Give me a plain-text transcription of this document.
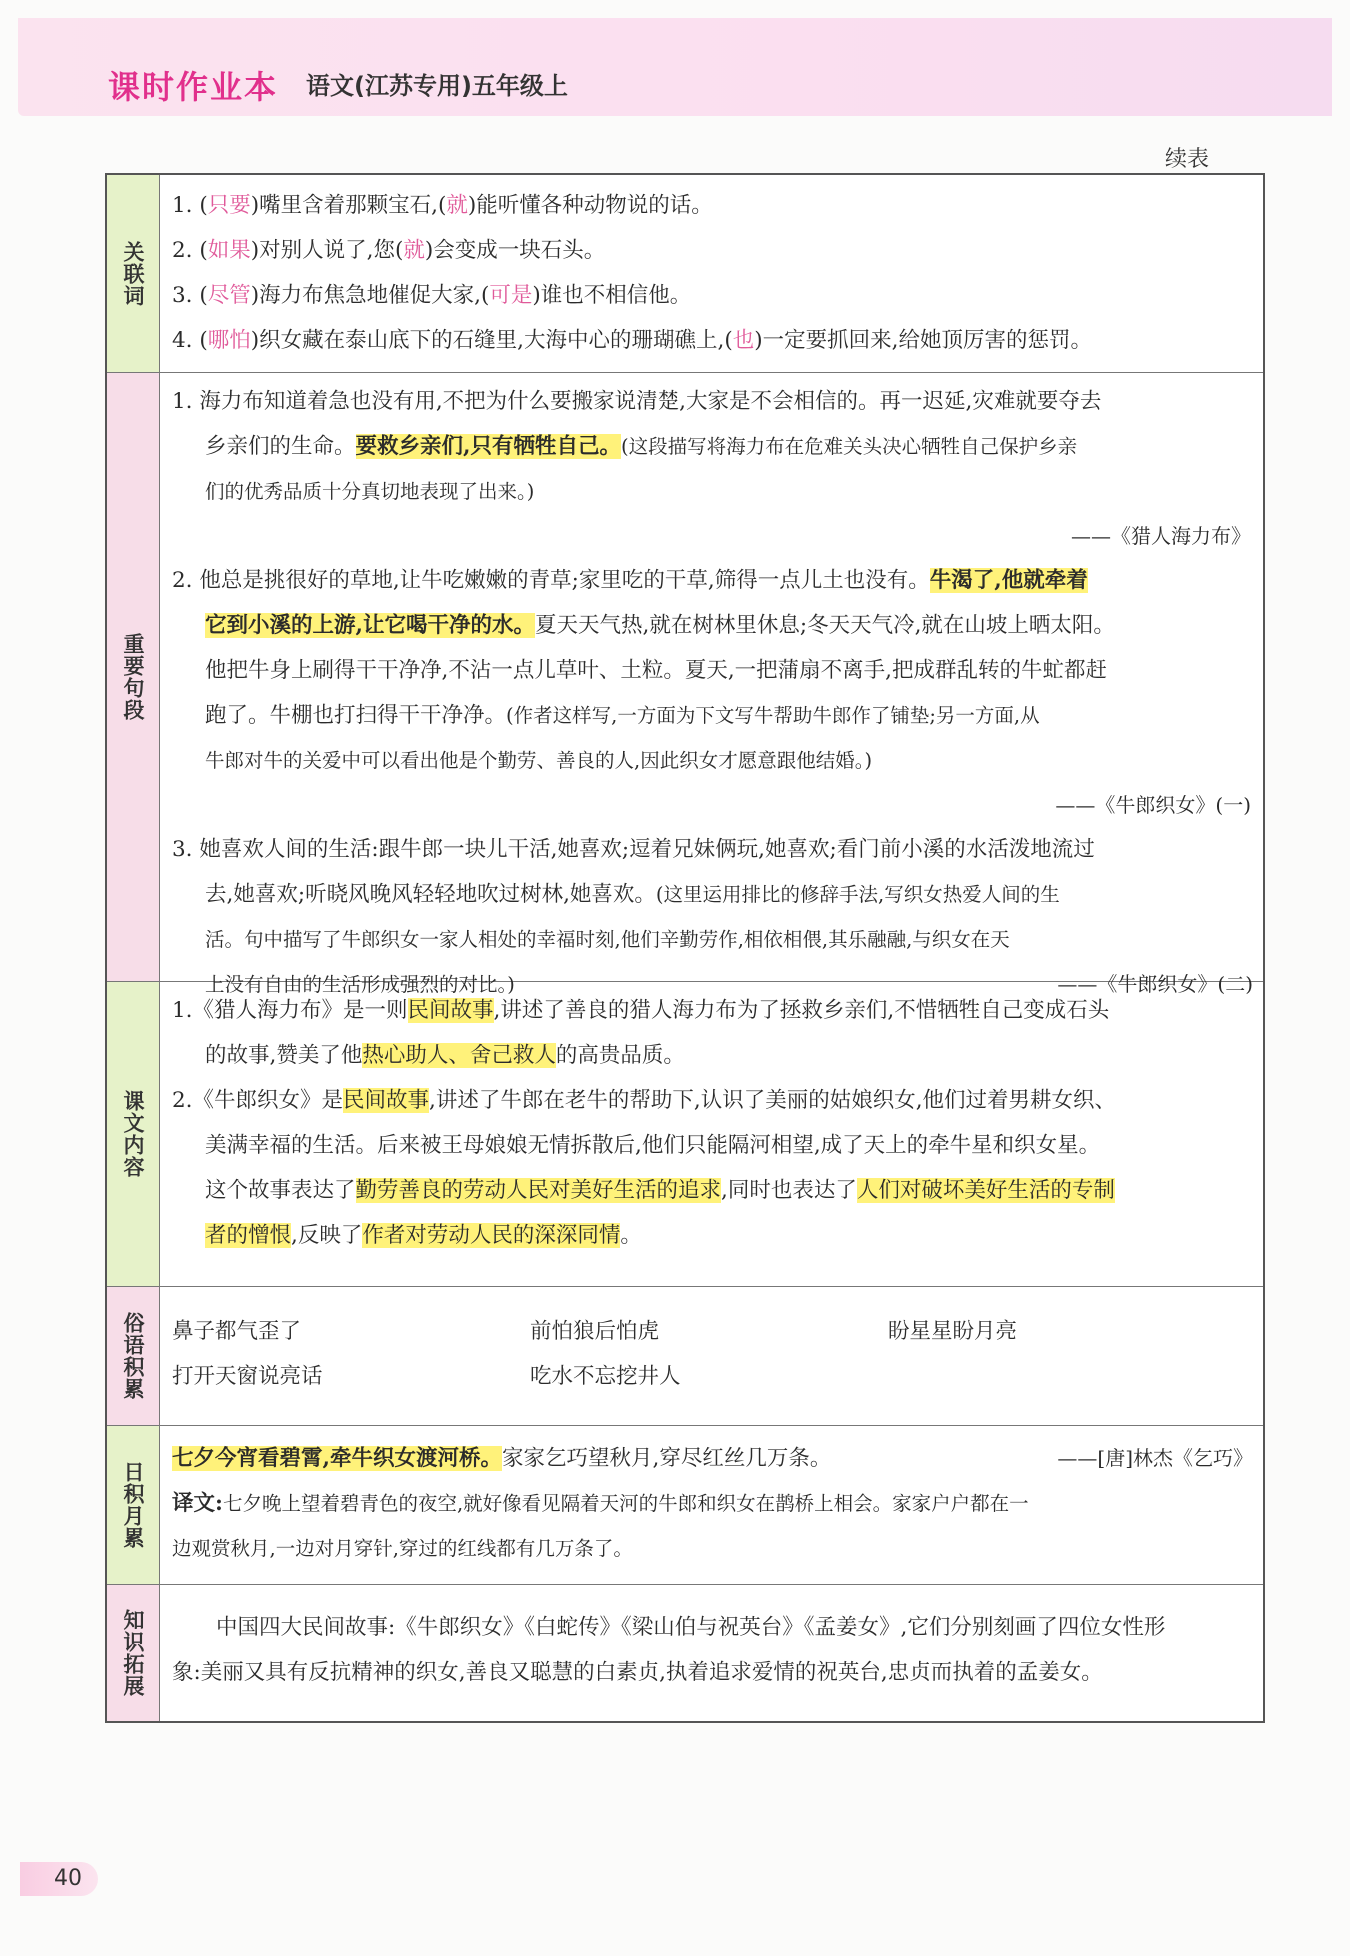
课时作业本 语文(江苏专用)五年级上
续表
关联词
1. (只要)嘴里含着那颗宝石,(就)能听懂各种动物说的话。
2. (如果)对别人说了,您(就)会变成一块石头。
3. (尽管)海力布焦急地催促大家,(可是)谁也不相信他。
4. (哪怕)织女藏在泰山底下的石缝里,大海中心的珊瑚礁上,(也)一定要抓回来,给她顶厉害的惩罚。
重要句段
1. 海力布知道着急也没有用,不把为什么要搬家说清楚,大家是不会相信的。再一迟延,灾难就要夺去
乡亲们的生命。要救乡亲们,只有牺牲自己。(这段描写将海力布在危难关头决心牺牲自己保护乡亲
们的优秀品质十分真切地表现了出来。)
——《猎人海力布》
2. 他总是挑很好的草地,让牛吃嫩嫩的青草;家里吃的干草,筛得一点儿土也没有。牛渴了,他就牵着
它到小溪的上游,让它喝干净的水。夏天天气热,就在树林里休息;冬天天气冷,就在山坡上晒太阳。
他把牛身上刷得干干净净,不沾一点儿草叶、土粒。夏天,一把蒲扇不离手,把成群乱转的牛虻都赶
跑了。牛棚也打扫得干干净净。(作者这样写,一方面为下文写牛帮助牛郎作了铺垫;另一方面,从
牛郎对牛的关爱中可以看出他是个勤劳、善良的人,因此织女才愿意跟他结婚。)
——《牛郎织女》(一)
3. 她喜欢人间的生活:跟牛郎一块儿干活,她喜欢;逗着兄妹俩玩,她喜欢;看门前小溪的水活泼地流过
去,她喜欢;听晓风晚风轻轻地吹过树林,她喜欢。(这里运用排比的修辞手法,写织女热爱人间的生
活。句中描写了牛郎织女一家人相处的幸福时刻,他们辛勤劳作,相依相偎,其乐融融,与织女在天
上没有自由的生活形成强烈的对比。)	——《牛郎织女》(二)
课文内容
1.《猎人海力布》是一则民间故事,讲述了善良的猎人海力布为了拯救乡亲们,不惜牺牲自己变成石头
的故事,赞美了他热心助人、舍己救人的高贵品质。
2.《牛郎织女》是民间故事,讲述了牛郎在老牛的帮助下,认识了美丽的姑娘织女,他们过着男耕女织、
美满幸福的生活。后来被王母娘娘无情拆散后,他们只能隔河相望,成了天上的牵牛星和织女星。
这个故事表达了勤劳善良的劳动人民对美好生活的追求,同时也表达了人们对破坏美好生活的专制
者的憎恨,反映了作者对劳动人民的深深同情。
俗语积累	鼻子都气歪了	前怕狼后怕虎	盼星星盼月亮
打开天窗说亮话	吃水不忘挖井人
日积月累
七夕今宵看碧霄,牵牛织女渡河桥。家家乞巧望秋月,穿尽红丝几万条。	——[唐]林杰《乞巧》
译文:七夕晚上望着碧青色的夜空,就好像看见隔着天河的牛郎和织女在鹊桥上相会。家家户户都在一
边观赏秋月,一边对月穿针,穿过的红线都有几万条了。
知识拓展	中国四大民间故事:《牛郎织女》《白蛇传》《梁山伯与祝英台》《孟姜女》,它们分别刻画了四位女性形
象:美丽又具有反抗精神的织女,善良又聪慧的白素贞,执着追求爱情的祝英台,忠贞而执着的孟姜女。
40
